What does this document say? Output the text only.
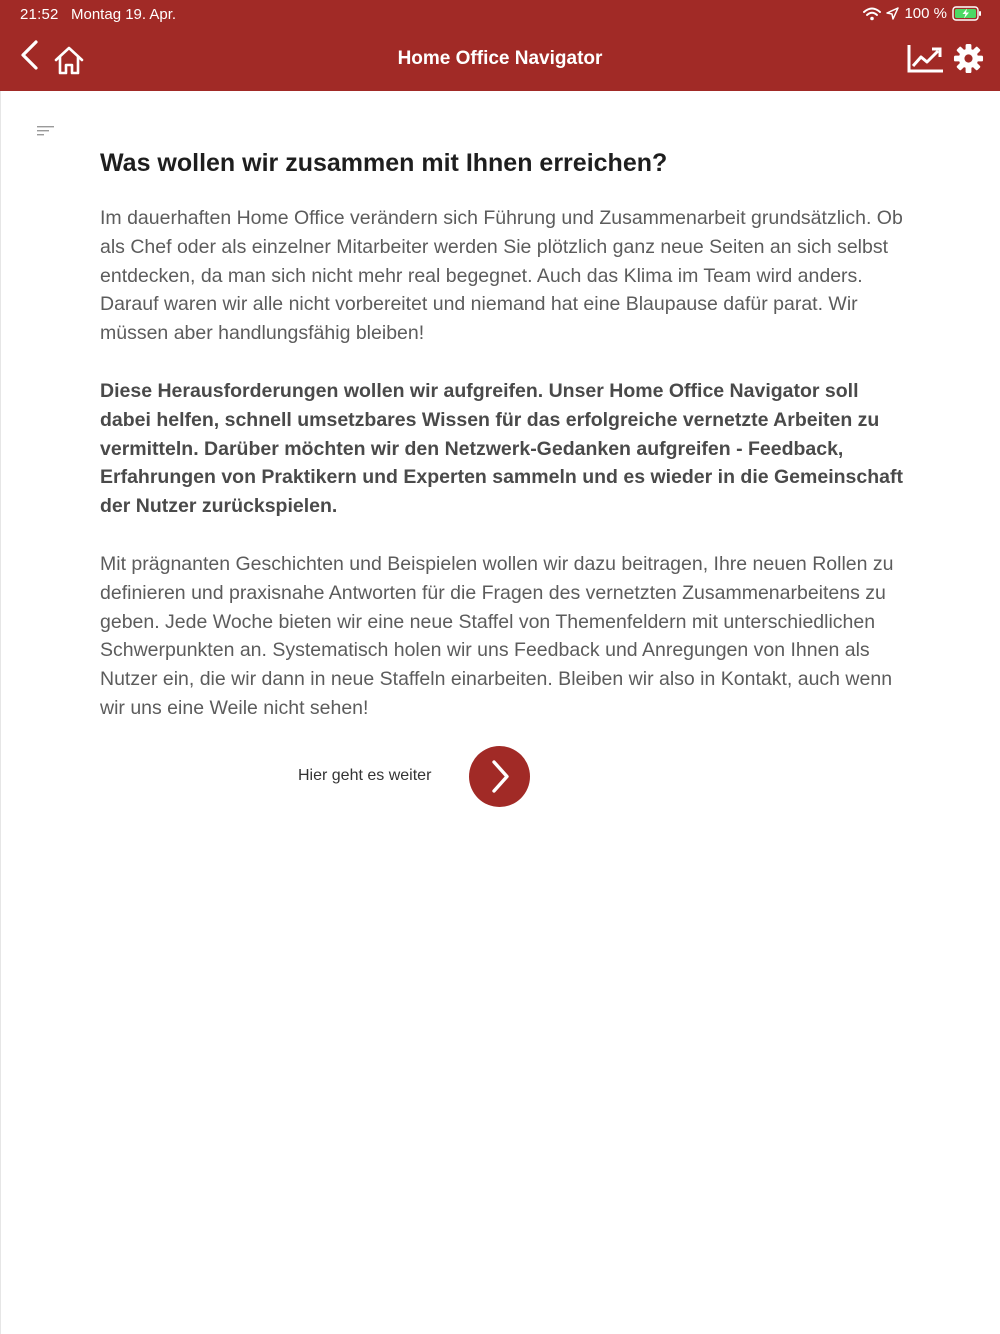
21:52 Montag 19. Apr.	100 %
Home Office Navigator
Was wollen wir zusammen mit Ihnen erreichen?

Im dauerhaften Home Office verändern sich Führung und Zusammenarbeit grundsätzlich. Ob als Chef oder als einzelner Mitarbeiter werden Sie plötzlich ganz neue Seiten an sich selbst entdecken, da man sich nicht mehr real begegnet. Auch das Klima im Team wird anders. Darauf waren wir alle nicht vorbereitet und niemand hat eine Blaupause dafür parat. Wir müssen aber handlungsfähig bleiben!

Diese Herausforderungen wollen wir aufgreifen. Unser Home Office Navigator soll dabei helfen, schnell umsetzbares Wissen für das erfolgreiche vernetzte Arbeiten zu vermitteln. Darüber möchten wir den Netzwerk-Gedanken aufgreifen - Feedback, Erfahrungen von Praktikern und Experten sammeln und es wieder in die Gemeinschaft der Nutzer zurückspielen.

Mit prägnanten Geschichten und Beispielen wollen wir dazu beitragen, Ihre neuen Rollen zu definieren und praxisnahe Antworten für die Fragen des vernetzten Zusammenarbeitens zu geben. Jede Woche bieten wir eine neue Staffel von Themenfeldern mit unterschiedlichen Schwerpunkten an. Systematisch holen wir uns Feedback und Anregungen von Ihnen als Nutzer ein, die wir dann in neue Staffeln einarbeiten. Bleiben wir also in Kontakt, auch wenn wir uns eine Weile nicht sehen!

Hier geht es weiter
